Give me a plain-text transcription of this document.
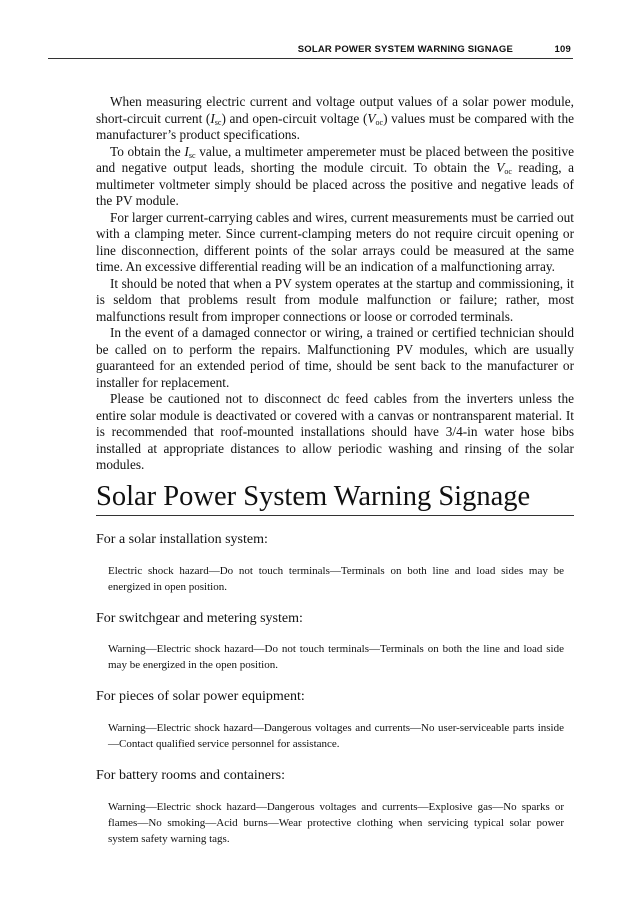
SOLAR POWER SYSTEM WARNING SIGNAGE	109

When measuring electric current and voltage output values of a solar power module, short-circuit current $(I_{sc})$ and open-circuit voltage $(V_{oc})$ values must be compared with the manufacturer’s product specifications.

To obtain the $I_{sc}$ value, a multimeter amperemeter must be placed between the positive and negative output leads, shorting the module circuit. To obtain the $V_{oc}$ reading, a multimeter voltmeter simply should be placed across the positive and negative leads of the PV module.

For larger current-carrying cables and wires, current measurements must be carried out with a clamping meter. Since current-clamping meters do not require circuit opening or line disconnection, different points of the solar arrays could be measured at the same time. An excessive differential reading will be an indication of a malfunctioning array.

It should be noted that when a PV system operates at the startup and commissioning, it is seldom that problems result from module malfunction or failure; rather, most malfunctions result from improper connections or loose or corroded terminals.

In the event of a damaged connector or wiring, a trained or certified technician should be called on to perform the repairs. Malfunctioning PV modules, which are usually guaranteed for an extended period of time, should be sent back to the manufacturer or installer for replacement.

Please be cautioned not to disconnect dc feed cables from the inverters unless the entire solar module is deactivated or covered with a canvas or nontransparent material. It is recommended that roof-mounted installations should have 3/4-in water hose bibs installed at appropriate distances to allow periodic washing and rinsing of the solar modules.

Solar Power System Warning Signage
For a solar installation system:
Electric shock hazard—Do not touch terminals—Terminals on both line and load sides may be energized in open position.
For switchgear and metering system:
Warning—Electric shock hazard—Do not touch terminals—Terminals on both the line and load side may be energized in the open position.
For pieces of solar power equipment:
Warning—Electric shock hazard—Dangerous voltages and currents—No user-serviceable parts inside—Contact qualified service personnel for assistance.
For battery rooms and containers:
Warning—Electric shock hazard—Dangerous voltages and currents—Explosive gas—No sparks or flames—No smoking—Acid burns—Wear protective clothing when servicing typical solar power system safety warning tags.
